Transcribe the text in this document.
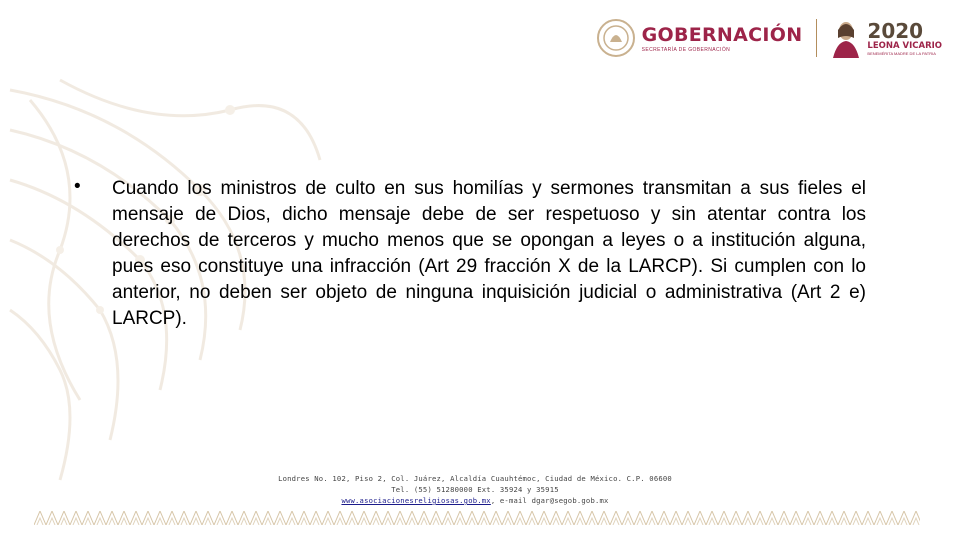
GOBERNACIÓN
SECRETARÍA DE GOBERNACIÓN
2020
LEONA VICARIO
BENEMÉRITA MADRE DE LA PATRIA
• Cuando los ministros de culto en sus homilías y sermones transmitan a sus fieles el mensaje de Dios, dicho mensaje debe de ser respetuoso y sin atentar contra los derechos de terceros y mucho menos que se opongan a leyes o a institución alguna, pues eso constituye una infracción (Art 29 fracción X de la LARCP). Si cumplen con lo anterior, no deben ser objeto de ninguna inquisición judicial o administrativa (Art 2 e) LARCP).

Londres No. 102, Piso 2, Col. Juárez, Alcaldía Cuauhtémoc, Ciudad de México. C.P. 06600
Tel. (55) 51280000 Ext. 35924 y 35915
www.asociacionesreligiosas.gob.mx, e-mail dgar@segob.gob.mx
